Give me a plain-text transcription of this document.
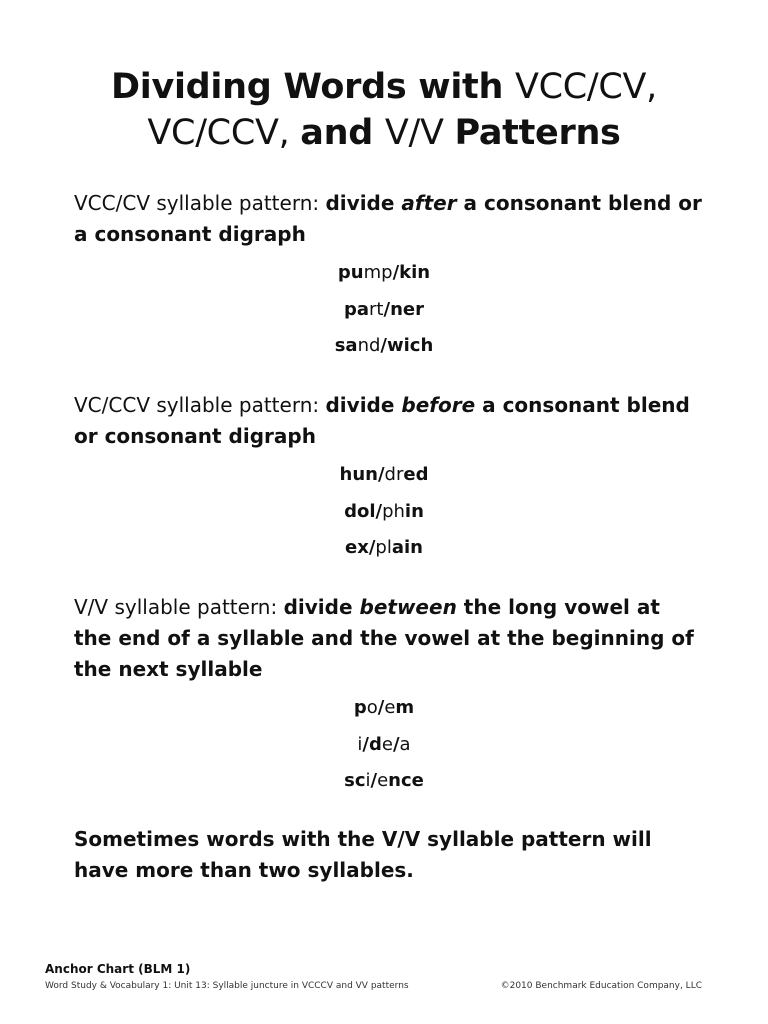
Dividing Words with VCC/CV,
VC/CCV, and V/V Patterns
VCC/CV syllable pattern: divide after a consonant blend or a consonant digraph
pump/kin
part/ner
sand/wich
VC/CCV syllable pattern: divide before a consonant blend or consonant digraph
hun/dred
dol/phin
ex/plain
V/V syllable pattern: divide between the long vowel at the end of a syllable and the vowel at the beginning of the next syllable
po/em
i/de/a
sci/ence
Sometimes words with the V/V syllable pattern will have more than two syllables.
Anchor Chart (BLM 1)
Word Study & Vocabulary 1: Unit 13: Syllable juncture in VCCCV and VV patterns	©2010 Benchmark Education Company, LLC
